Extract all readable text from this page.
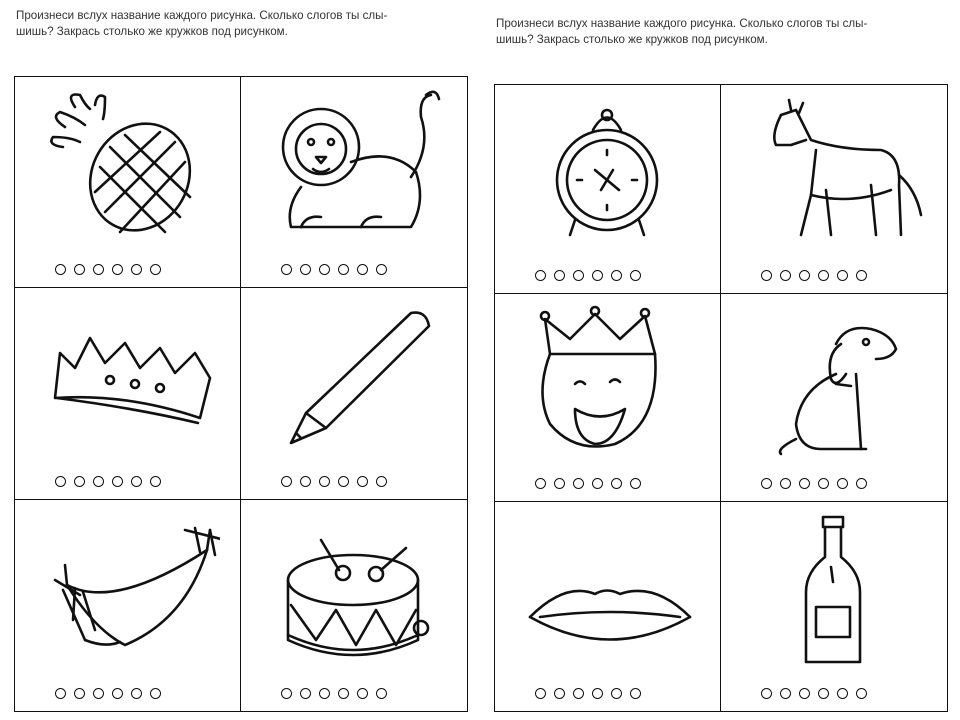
Произнеси вслух название каждого рисунка. Сколько слогов ты слы-
шишь? Закрась столько же кружков под рисунком.
Произнеси вслух название каждого рисунка. Сколько слогов ты слы-
шишь? Закрась столько же кружков под рисунком.
